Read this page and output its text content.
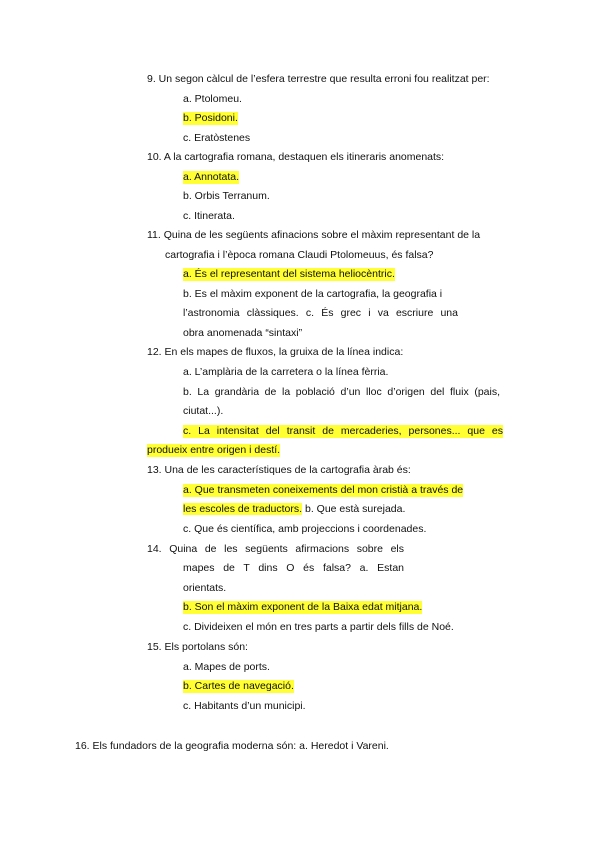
9. Un segon càlcul de l’esfera terrestre que resulta erroni fou realitzat per:
a. Ptolomeu.
b. Posidoni.
c. Eratòstenes
10. A la cartografia romana, destaquen els itineraris anomenats:
a. Annotata.
b. Orbis Terranum.
c. Itinerata.
11. Quina de les següents afinacions sobre el màxim representant de la
cartografia i l’època romana Claudi Ptolomeuus, és falsa?
a. És el representant del sistema heliocèntric.
b. Es el màxim exponent de la cartografia, la geografia i
l’astronomia clàssiques. c. És grec i va escriure una
obra anomenada “sintaxi”
12. En els mapes de fluxos, la gruixa de la línea indica:
a. L’amplària de la carretera o la línea fèrria.
b. La grandària de la població d’un lloc d’origen del fluix (pais,
ciutat...).
c. La intensitat del transit de mercaderies, persones... que es
produeix entre origen i destí.
13. Una de les característiques de la cartografia àrab és:
a. Que transmeten coneixements del mon cristià a través de
les escoles de traductors. b. Que està surejada.
c. Que és científica, amb projeccions i coordenades.
14. Quina de les següents afirmacions sobre els
mapes de T dins O és falsa? a. Estan
orientats.
b. Son el màxim exponent de la Baixa edat mitjana.
c. Divideixen el món en tres parts a partir dels fills de Noé.
15. Els portolans són:
a. Mapes de ports.
b. Cartes de navegació.
c. Habitants d’un municipi.
16. Els fundadors de la geografia moderna són: a. Heredot i Vareni.
